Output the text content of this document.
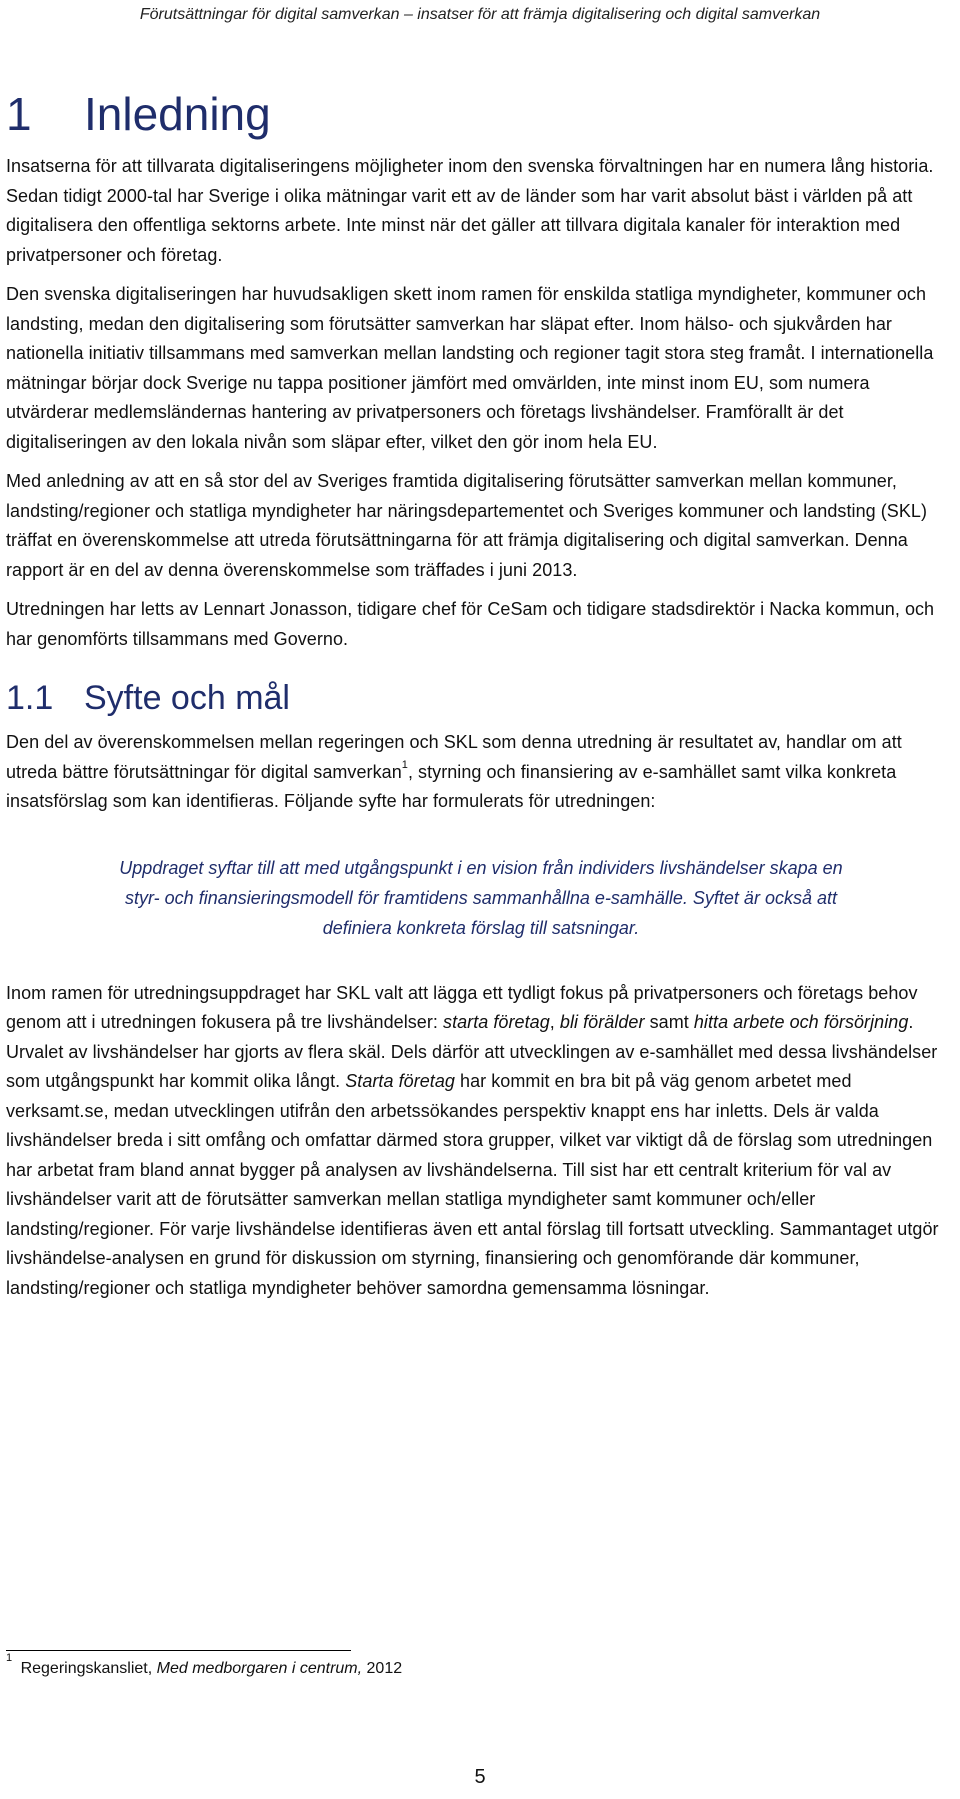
Förutsättningar för digital samverkan – insatser för att främja digitalisering och digital samverkan
1 Inledning

Insatserna för att tillvarata digitaliseringens möjligheter inom den svenska förvaltningen har en numera lång historia. Sedan tidigt 2000-tal har Sverige i olika mätningar varit ett av de länder som har varit absolut bäst i världen på att digitalisera den offentliga sektorns arbete. Inte minst när det gäller att tillvara digitala kanaler för interaktion med privatpersoner och företag.

Den svenska digitaliseringen har huvudsakligen skett inom ramen för enskilda statliga myndigheter, kommuner och landsting, medan den digitalisering som förutsätter samverkan har släpat efter. Inom hälso- och sjukvården har nationella initiativ tillsammans med samverkan mellan landsting och regioner tagit stora steg framåt. I internationella mätningar börjar dock Sverige nu tappa positioner jämfört med omvärlden, inte minst inom EU, som numera utvärderar medlemsländernas hantering av privatpersoners och företags livshändelser. Framförallt är det digitaliseringen av den lokala nivån som släpar efter, vilket den gör inom hela EU.

Med anledning av att en så stor del av Sveriges framtida digitalisering förutsätter samverkan mellan kommuner, landsting/regioner och statliga myndigheter har näringsdepartementet och Sveriges kommuner och landsting (SKL) träffat en överenskommelse att utreda förutsättningarna för att främja digitalisering och digital samverkan. Denna rapport är en del av denna överenskommelse som träffades i juni 2013.

Utredningen har letts av Lennart Jonasson, tidigare chef för CeSam och tidigare stadsdirektör i Nacka kommun, och har genomförts tillsammans med Governo.

1.1 Syfte och mål

Den del av överenskommelsen mellan regeringen och SKL som denna utredning är resultatet av, handlar om att utreda bättre förutsättningar för digital samverkan$^1$, styrning och finansiering av e-samhället samt vilka konkreta insatsförslag som kan identifieras. Följande syfte har formulerats för utredningen:

Uppdraget syftar till att med utgångspunkt i en vision från individers livshändelser skapa en styr- och finansieringsmodell för framtidens sammanhållna e-samhälle. Syftet är också att definiera konkreta förslag till satsningar.

Inom ramen för utredningsuppdraget har SKL valt att lägga ett tydligt fokus på privatpersoners och företags behov genom att i utredningen fokusera på tre livshändelser: starta företag, bli förälder samt hitta arbete och försörjning. Urvalet av livshändelser har gjorts av flera skäl. Dels därför att utvecklingen av e-samhället med dessa livshändelser som utgångspunkt har kommit olika långt. Starta företag har kommit en bra bit på väg genom arbetet med verksamt.se, medan utvecklingen utifrån den arbetssökandes perspektiv knappt ens har inletts. Dels är valda livshändelser breda i sitt omfång och omfattar därmed stora grupper, vilket var viktigt då de förslag som utredningen har arbetat fram bland annat bygger på analysen av livshändelserna. Till sist har ett centralt kriterium för val av livshändelser varit att de förutsätter samverkan mellan statliga myndigheter samt kommuner och/eller landsting/regioner. För varje livshändelse identifieras även ett antal förslag till fortsatt utveckling. Sammantaget utgör livshändelse-analysen en grund för diskussion om styrning, finansiering och genomförande där kommuner, landsting/regioner och statliga myndigheter behöver samordna gemensamma lösningar.

$^1$ Regeringskansliet, Med medborgaren i centrum, 2012
5
